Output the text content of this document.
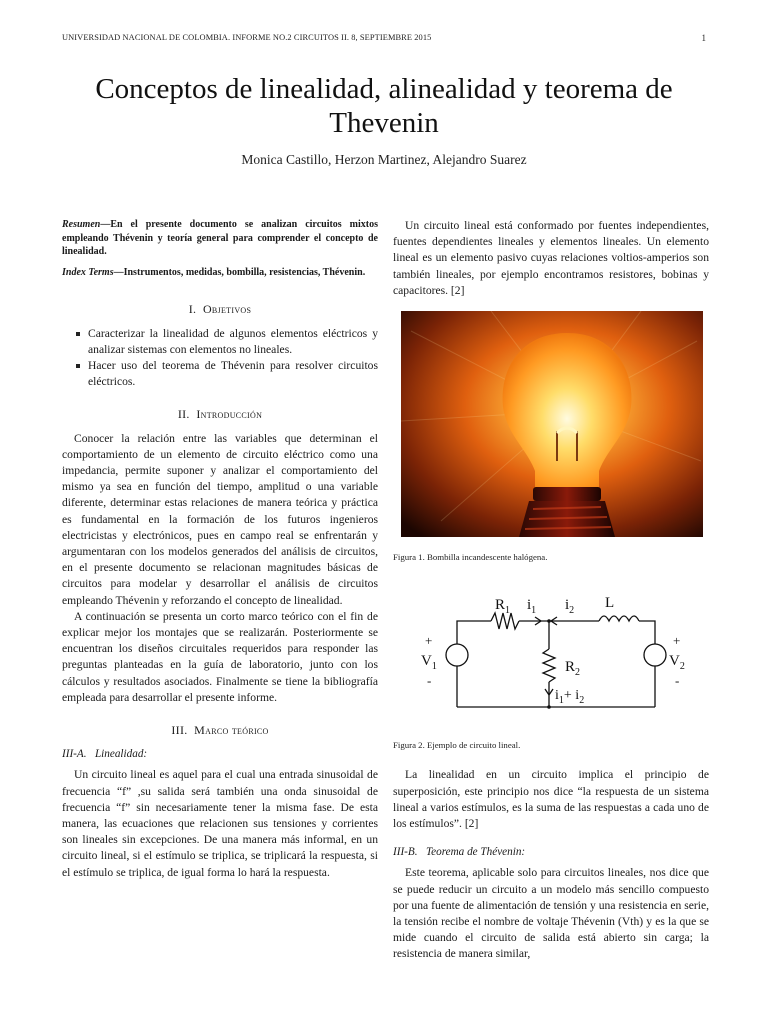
UNIVERSIDAD NACIONAL DE COLOMBIA. INFORME NO.2 CIRCUITOS II. 8, SEPTIEMBRE 2015	1
Conceptos de linealidad, alinealidad y teorema de Thevenin
Monica Castillo, Herzon Martinez, Alejandro Suarez

Resumen—En el presente documento se analizan circuitos mixtos empleando Thévenin y teoría general para comprender el concepto de linealidad.

Index Terms—Instrumentos, medidas, bombilla, resistencias, Thévenin.

I. Objetivos
Caracterizar la linealidad de algunos elementos eléctricos y analizar sistemas con elementos no lineales.
Hacer uso del teorema de Thévenin para resolver circuitos eléctricos.
II. Introducción

Conocer la relación entre las variables que determinan el comportamiento de un elemento de circuito eléctrico como una impedancia, permite suponer y analizar el comportamiento del mismo ya sea en función del tiempo, amplitud o una variable diferente, determinar estas relaciones de manera teórica y práctica es fundamental en la formación de los futuros ingenieros electricistas y electrónicos, pues en campo real se enfrentarán y argumentaran con los modelos generados del análisis de circuitos, en el presente documento se relacionan magnitudes básicas de circuitos para modelar y desarrollar el análisis de circuitos empleando Thévenin y reforzando el concepto de linealidad.

A continuación se presenta un corto marco teórico con el fin de explicar mejor los montajes que se realizarán. Posteriormente se encuentran los diseños circuitales requeridos para responder las preguntas planteadas en la guía de laboratorio, junto con los cálculos y resultados asociados. Finalmente se tiene la bibliografía empleada para desarrollar el presente informe.

III. Marco teórico
III-A. Linealidad:

Un circuito lineal es aquel para el cual una entrada sinusoidal de frecuencia “f” ,su salida será también una onda sinusoidal de frecuencia “f” sin necesariamente tener la misma fase. De esta manera, las ecuaciones que relacionen sus tensiones y corrientes son lineales sin excepciones. De una manera más informal, en un circuito lineal, si el estímulo se triplica, se triplicará la respuesta, si el estímulo se triplica, de igual forma lo hará la respuesta.

Un circuito lineal está conformado por fuentes independientes, fuentes dependientes lineales y elementos lineales. Un elemento lineal es un elemento pasivo cuyas relaciones voltios-amperios son también lineales, por ejemplo encontramos resistores, bobinas y capacitores. [2]

Figura 1. Bombilla incandescente halógena.
$R_1$ $i_1$ $i_2$ L
+
$V_1$
-
+
$V_2$
-
$R_2$
$i_1+ i_2$
Figura 2. Ejemplo de circuito lineal.

La linealidad en un circuito implica el principio de superposición, este principio nos dice “la respuesta de un sistema lineal a varios estímulos, es la suma de las respuestas a cada uno de los estímulos”. [2]

III-B. Teorema de Thévenin:

Este teorema, aplicable solo para circuitos lineales, nos dice que se puede reducir un circuito a un modelo más sencillo compuesto por una fuente de alimentación de tensión y una resistencia en serie, la tensión recibe el nombre de voltaje Thévenin (Vth) y es la que se mide cuando el circuito de salida está abierto sin carga; la resistencia de manera similar,
